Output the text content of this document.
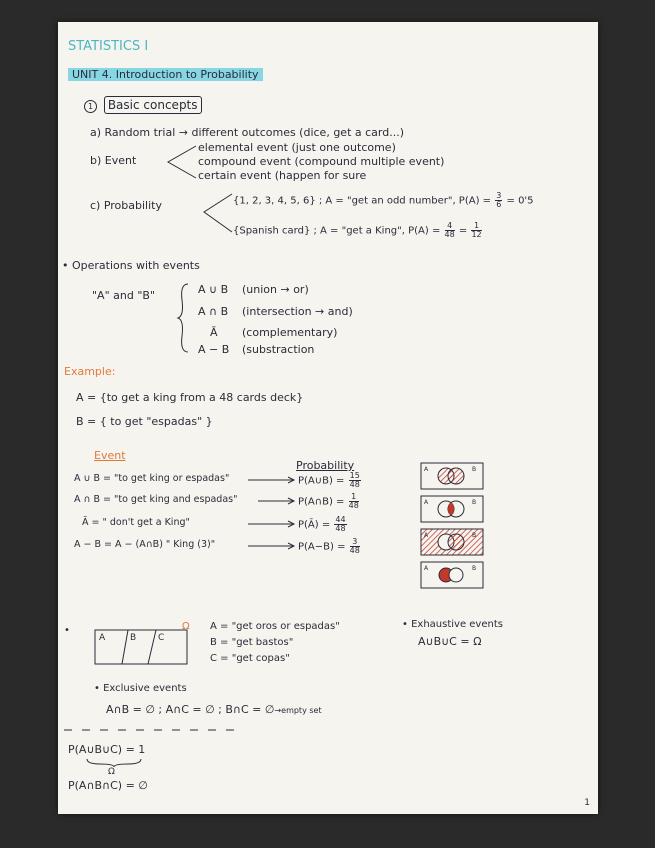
STATISTICS I
UNIT 4. Introduction to Probability
1 Basic concepts
a) Random trial → different outcomes (dice, get a card...)
b) Event
elemental event (just one outcome)
compound event (compound multiple event)
certain event (happen for sure
c) Probability	{1, 2, 3, 4, 5, 6} ; A = "get an odd number", $P(A) = \frac{3}{6} = 0'5$
{Spanish card} ; A = "get a King", $P(A) = \frac{4}{48} = \frac{1}{12}$
• Operations with events
"A" and "B"	A ∪ B (union → or)
A ∩ B (intersection → and)
Ā (complementary)
A − B (substraction
Example:
A = {to get a king from a 48 cards deck}
B = { to get "espadas" }
Event
Probability
A ∪ B = "to get king or espadas"	P(A∪B) = $\frac{15}{48}$
A ∩ B = "to get king and espadas"	P(A∩B) = $\frac{1}{48}$
Ā = " don't get a King"	P(Ā) = $\frac{44}{48}$
A − B = A − (A∩B) " King (3)"	$P(A-B) = \frac{3}{48}$
A	B
A	B
A	B
A	B
•	Ω
A	B C
A = "get oros or espadas"
B = "get bastos"
C = "get copas"
• Exhaustive events
A∪B∪C = Ω
• Exclusive events
A∩B = ∅ ; A∩C = ∅ ; B∩C = ∅→empty set
P(A∪B∪C) = 1
Ω
P(A∩B∩C) = ∅
1
